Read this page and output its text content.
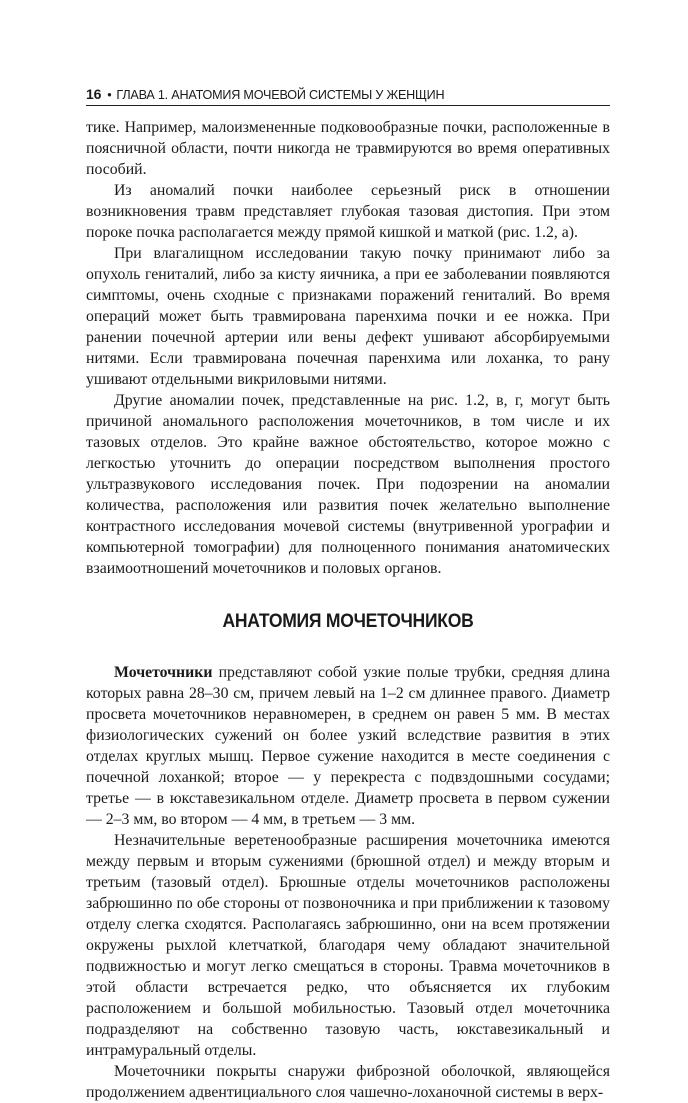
16 • ГЛАВА 1. АНАТОМИЯ МОЧЕВОЙ СИСТЕМЫ У ЖЕНЩИН

тике. Например, малоизмененные подковообразные почки, расположенные в поясничной области, почти никогда не травмируются во время оперативных пособий.

Из аномалий почки наиболее серьезный риск в отношении возникновения травм представляет глубокая тазовая дистопия. При этом пороке почка располагается между прямой кишкой и маткой (рис. 1.2, а).

При влагалищном исследовании такую почку принимают либо за опухоль гениталий, либо за кисту яичника, а при ее заболевании появляются симптомы, очень сходные с признаками поражений гениталий. Во время операций может быть травмирована паренхима почки и ее ножка. При ранении почечной артерии или вены дефект ушивают абсорбируемыми нитями. Если травмирована почечная паренхима или лоханка, то рану ушивают отдельными викриловыми нитями.

Другие аномалии почек, представленные на рис. 1.2, в, г, могут быть причиной аномального расположения мочеточников, в том числе и их тазовых отделов. Это крайне важное обстоятельство, которое можно с легкостью уточнить до операции посредством выполнения простого ультразвукового исследования почек. При подозрении на аномалии количества, расположения или развития почек желательно выполнение контрастного исследования мочевой системы (внутривенной урографии и компьютерной томографии) для полноценного понимания анатомических взаимоотношений мочеточников и половых органов.

АНАТОМИЯ МОЧЕТОЧНИКОВ

Мочеточники представляют собой узкие полые трубки, средняя длина которых равна 28–30 см, причем левый на 1–2 см длиннее правого. Диаметр просвета мочеточников неравномерен, в среднем он равен 5 мм. В местах физиологических сужений он более узкий вследствие развития в этих отделах круглых мышц. Первое сужение находится в месте соединения с почечной лоханкой; второе — у перекреста с подвздошными сосудами; третье — в юкставезикальном отделе. Диаметр просвета в первом сужении — 2–3 мм, во втором — 4 мм, в третьем — 3 мм.

Незначительные веретенообразные расширения мочеточника имеются между первым и вторым сужениями (брюшной отдел) и между вторым и третьим (тазовый отдел). Брюшные отделы мочеточников расположены забрюшинно по обе стороны от позвоночника и при приближении к тазовому отделу слегка сходятся. Располагаясь забрюшинно, они на всем протяжении окружены рыхлой клетчаткой, благодаря чему обладают значительной подвижностью и могут легко смещаться в стороны. Травма мочеточников в этой области встречается редко, что объясняется их глубоким расположением и большой мобильностью. Тазовый отдел мочеточника подразделяют на собственно тазовую часть, юкставезикальный и интрамуральный отделы.

Мочеточники покрыты снаружи фиброзной оболочкой, являющейся продолжением адвентициального слоя чашечно-лоханочной системы в верх-
